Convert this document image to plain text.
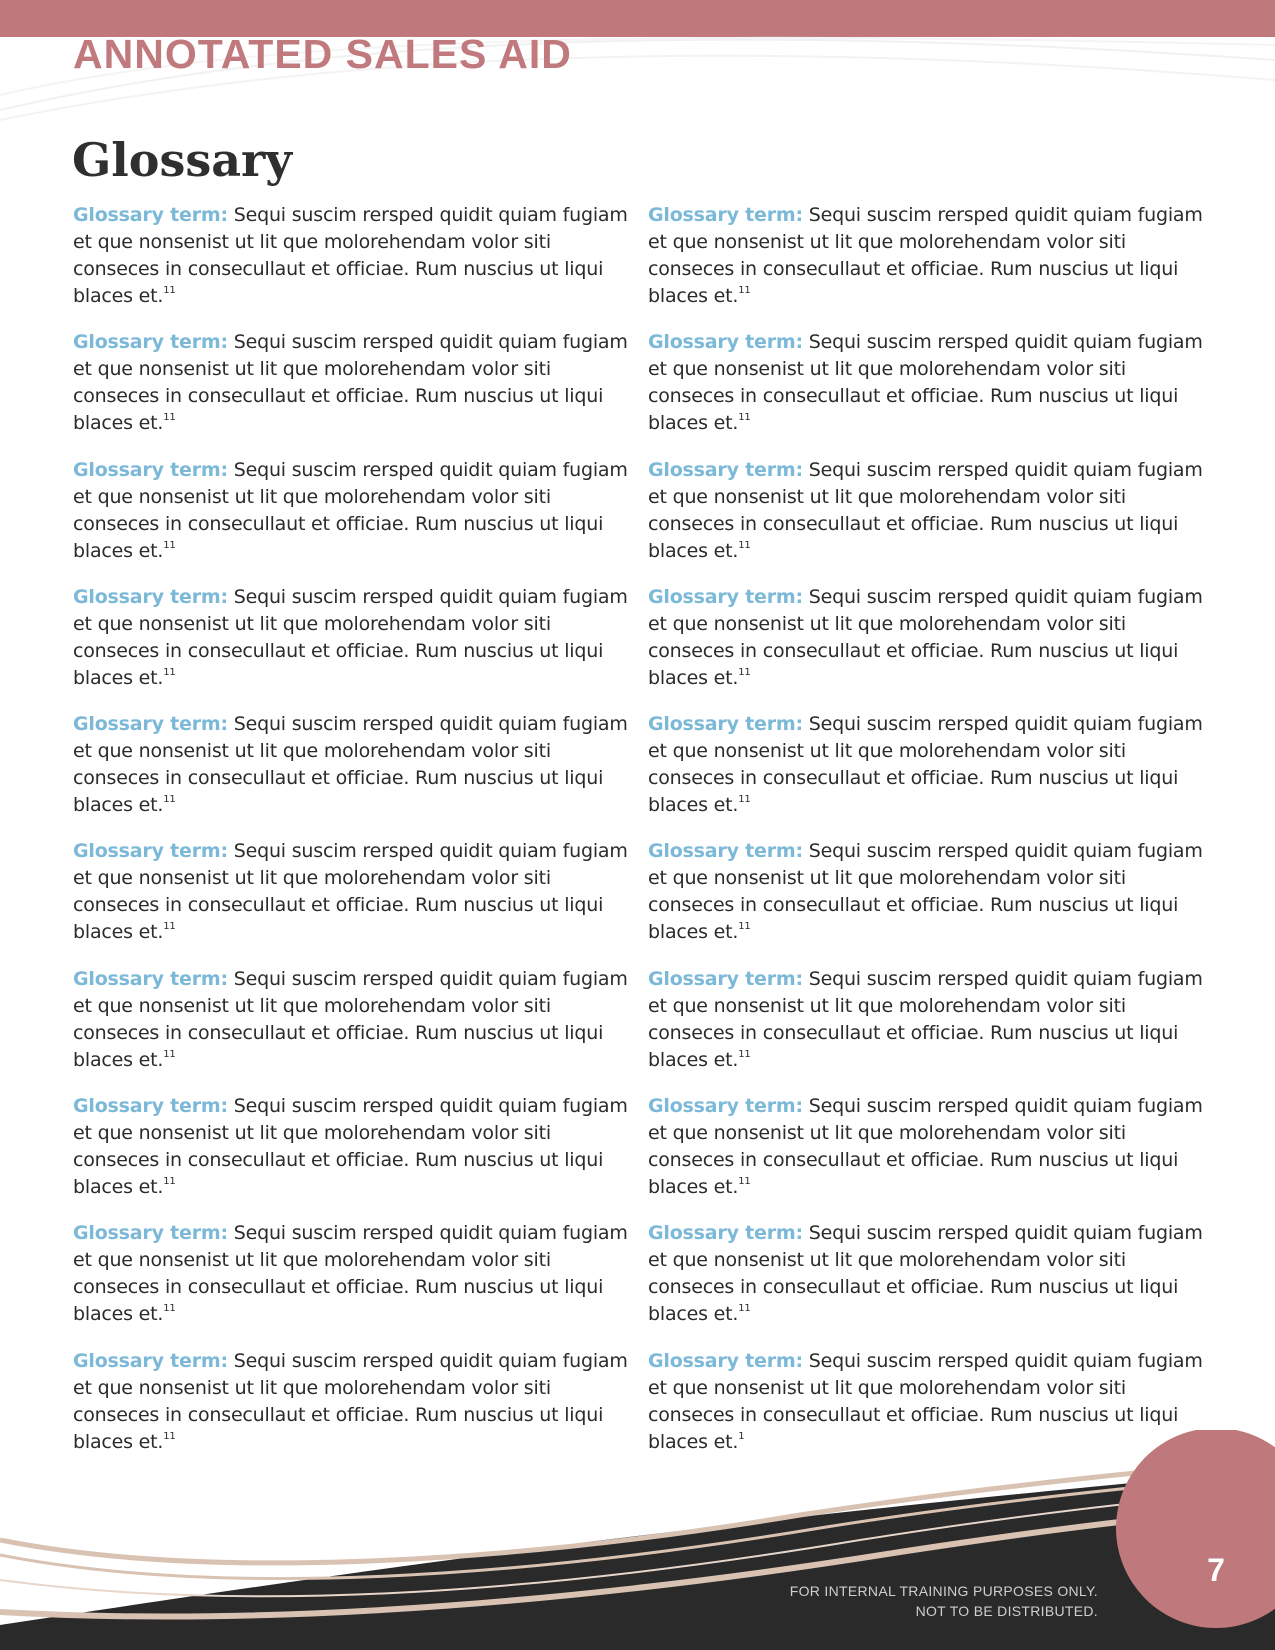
ANNOTATED SALES AID
Glossary

Glossary term: Sequi suscim rersped quidit quiam fugiam et que nonsenist ut lit que molorehendam volor siti conseces in consecullaut et officiae. Rum nuscius ut liqui blaces et.$^{11}$

Glossary term: Sequi suscim rersped quidit quiam fugiam et que nonsenist ut lit que molorehendam volor siti conseces in consecullaut et officiae. Rum nuscius ut liqui blaces et.$^{11}$

Glossary term: Sequi suscim rersped quidit quiam fugiam et que nonsenist ut lit que molorehendam volor siti conseces in consecullaut et officiae. Rum nuscius ut liqui blaces et.$^{11}$

Glossary term: Sequi suscim rersped quidit quiam fugiam et que nonsenist ut lit que molorehendam volor siti conseces in consecullaut et officiae. Rum nuscius ut liqui blaces et.$^{11}$

Glossary term: Sequi suscim rersped quidit quiam fugiam et que nonsenist ut lit que molorehendam volor siti conseces in consecullaut et officiae. Rum nuscius ut liqui blaces et.$^{11}$

Glossary term: Sequi suscim rersped quidit quiam fugiam et que nonsenist ut lit que molorehendam volor siti conseces in consecullaut et officiae. Rum nuscius ut liqui blaces et.$^{11}$

Glossary term: Sequi suscim rersped quidit quiam fugiam et que nonsenist ut lit que molorehendam volor siti conseces in consecullaut et officiae. Rum nuscius ut liqui blaces et.$^{11}$

Glossary term: Sequi suscim rersped quidit quiam fugiam et que nonsenist ut lit que molorehendam volor siti conseces in consecullaut et officiae. Rum nuscius ut liqui blaces et.$^{11}$

Glossary term: Sequi suscim rersped quidit quiam fugiam et que nonsenist ut lit que molorehendam volor siti conseces in consecullaut et officiae. Rum nuscius ut liqui blaces et.$^{11}$

Glossary term: Sequi suscim rersped quidit quiam fugiam et que nonsenist ut lit que molorehendam volor siti conseces in consecullaut et officiae. Rum nuscius ut liqui blaces et.$^{11}$

Glossary term: Sequi suscim rersped quidit quiam fugiam et que nonsenist ut lit que molorehendam volor siti conseces in consecullaut et officiae. Rum nuscius ut liqui blaces et.$^{11}$

Glossary term: Sequi suscim rersped quidit quiam fugiam et que nonsenist ut lit que molorehendam volor siti conseces in consecullaut et officiae. Rum nuscius ut liqui blaces et.$^{11}$

Glossary term: Sequi suscim rersped quidit quiam fugiam et que nonsenist ut lit que molorehendam volor siti conseces in consecullaut et officiae. Rum nuscius ut liqui blaces et.$^{11}$

Glossary term: Sequi suscim rersped quidit quiam fugiam et que nonsenist ut lit que molorehendam volor siti conseces in consecullaut et officiae. Rum nuscius ut liqui blaces et.$^{11}$

Glossary term: Sequi suscim rersped quidit quiam fugiam et que nonsenist ut lit que molorehendam volor siti conseces in consecullaut et officiae. Rum nuscius ut liqui blaces et.$^{11}$

Glossary term: Sequi suscim rersped quidit quiam fugiam et que nonsenist ut lit que molorehendam volor siti conseces in consecullaut et officiae. Rum nuscius ut liqui blaces et.$^{11}$

Glossary term: Sequi suscim rersped quidit quiam fugiam et que nonsenist ut lit que molorehendam volor siti conseces in consecullaut et officiae. Rum nuscius ut liqui blaces et.$^{11}$

Glossary term: Sequi suscim rersped quidit quiam fugiam et que nonsenist ut lit que molorehendam volor siti conseces in consecullaut et officiae. Rum nuscius ut liqui blaces et.$^{11}$

Glossary term: Sequi suscim rersped quidit quiam fugiam et que nonsenist ut lit que molorehendam volor siti conseces in consecullaut et officiae. Rum nuscius ut liqui blaces et.$^{11}$

Glossary term: Sequi suscim rersped quidit quiam fugiam et que nonsenist ut lit que molorehendam volor siti conseces in consecullaut et officiae. Rum nuscius ut liqui blaces et.$^1$

FOR INTERNAL TRAINING PURPOSES ONLY.
NOT TO BE DISTRIBUTED.
7
